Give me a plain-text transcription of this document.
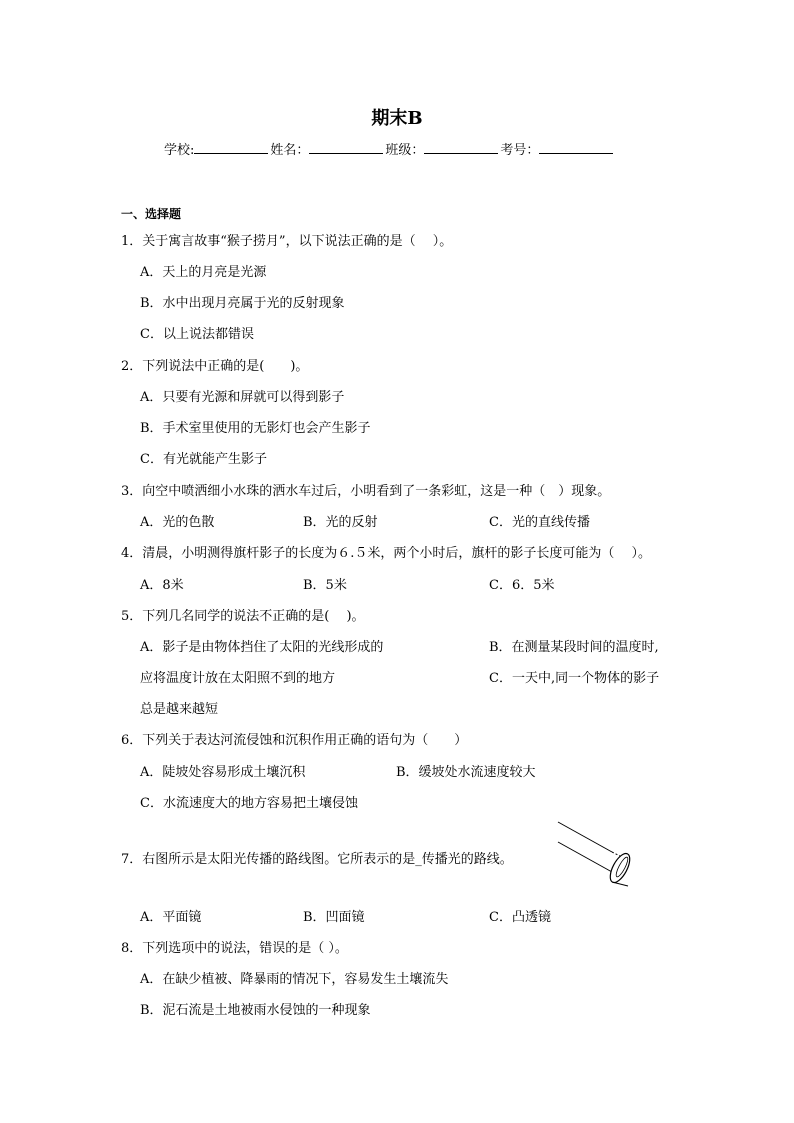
期末B
学校:	姓名：	班级：	考号：
一、选择题
1．关于寓言故事“猴子捞月”，以下说法正确的是（　 ）。
A．天上的月亮是光源
B．水中出现月亮属于光的反射现象
C．以上说法都错误
2．下列说法中正确的是(　　)。
A．只要有光源和屏就可以得到影子
B．手术室里使用的无影灯也会产生影子
C．有光就能产生影子
3．向空中喷洒细小水珠的洒水车过后，小明看到了一条彩虹，这是一种（　）现象。
A．光的色散	B．光的反射	C．光的直线传播
4．清晨，小明测得旗杆影子的长度为６.５米，两个小时后，旗杆的影子长度可能为（　 ）。
A．8米	B．5米	C．6．5米
5．下列几名同学的说法不正确的是(　 )。
A．影子是由物体挡住了太阳的光线形成的	B．在测量某段时间的温度时,
应将温度计放在太阳照不到的地方	C．一天中,同一个物体的影子
总是越来越短
6．下列关于表达河流侵蚀和沉积作用正确的语句为（　　）
A．陡坡处容易形成土壤沉积	B．缓坡处水流速度较大
C．水流速度大的地方容易把土壤侵蚀
7．右图所示是太阳光传播的路线图。它所表示的是_传播光的路线。
A．平面镜	B．凹面镜	C．凸透镜
8．下列选项中的说法，错误的是（ ）。
A．在缺少植被、降暴雨的情况下，容易发生土壤流失
B．泥石流是土地被雨水侵蚀的一种现象
